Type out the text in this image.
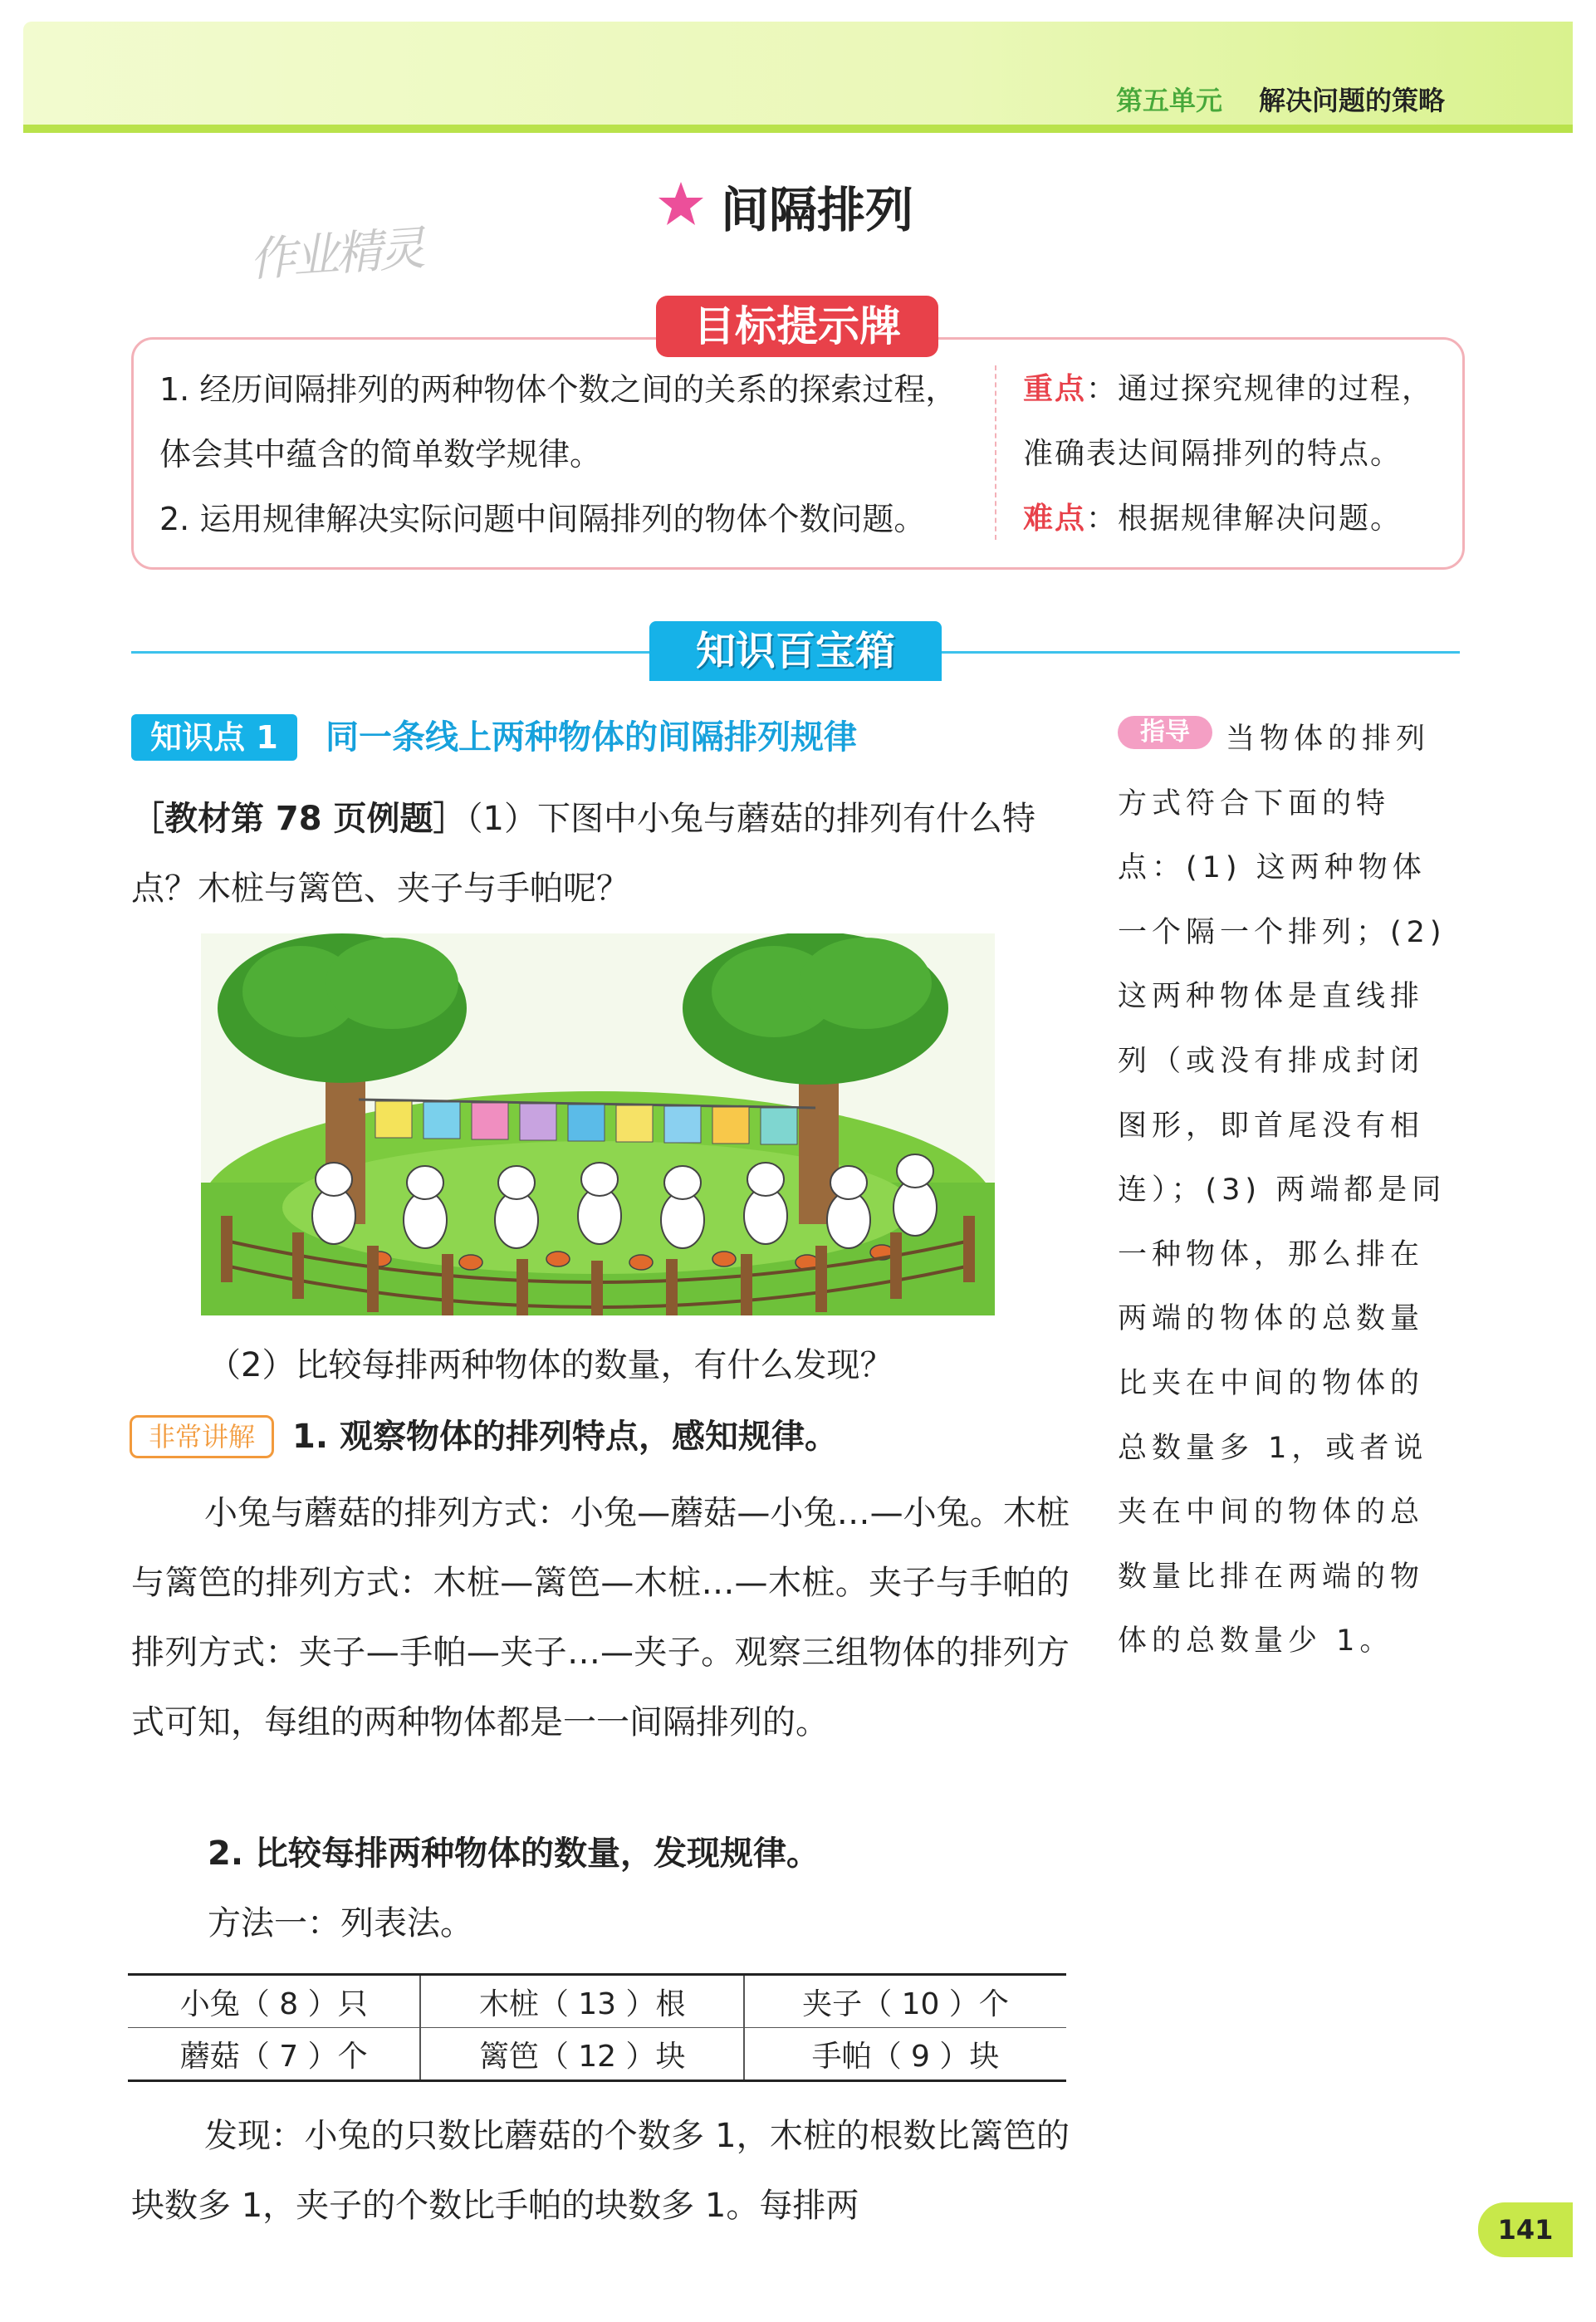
第五单元 解决问题的策略
间隔排列
作业精灵
目标提示牌
1. 经历间隔排列的两种物体个数之间的关系的探索过程，体会其中蕴含的简单数学规律。
2. 运用规律解决实际问题中间隔排列的物体个数问题。
重点：通过探究规律的过程，准确表达间隔排列的特点。
难点：根据规律解决问题。
知识百宝箱
知识点 1	同一条线上两种物体的间隔排列规律
［教材第 78 页例题］（1）下图中小兔与蘑菇的排列有什么特点？木桩与篱笆、夹子与手帕呢？
（2）比较每排两种物体的数量，有什么发现？
非常讲解	1. 观察物体的排列特点，感知规律。
小兔与蘑菇的排列方式：小兔—蘑菇—小兔…—小兔。木桩与篱笆的排列方式：木桩—篱笆—木桩…—木桩。夹子与手帕的排列方式：夹子—手帕—夹子…—夹子。观察三组物体的排列方式可知，每组的两种物体都是一一间隔排列的。
2. 比较每排两种物体的数量，发现规律。
方法一：列表法。
小兔（ 8 ）只	木桩（ 13 ）根	夹子（ 10 ）个
蘑菇（ 7 ）个	篱笆（ 12 ）块	手帕（ 9 ）块
发现：小兔的只数比蘑菇的个数多 1，木桩的根数比篱笆的块数多 1，夹子的个数比手帕的块数多 1。每排两
当物体的排列方式符合下面的特点：(1) 这两种物体一个隔一个排列；(2) 这两种物体是直线排列（或没有排成封闭图形，即首尾没有相连）；(3) 两端都是同一种物体，那么排在两端的物体的总数量比夹在中间的物体的总数量多 1，或者说夹在中间的物体的总数量比排在两端的物体的总数量少 1。
指导
141
